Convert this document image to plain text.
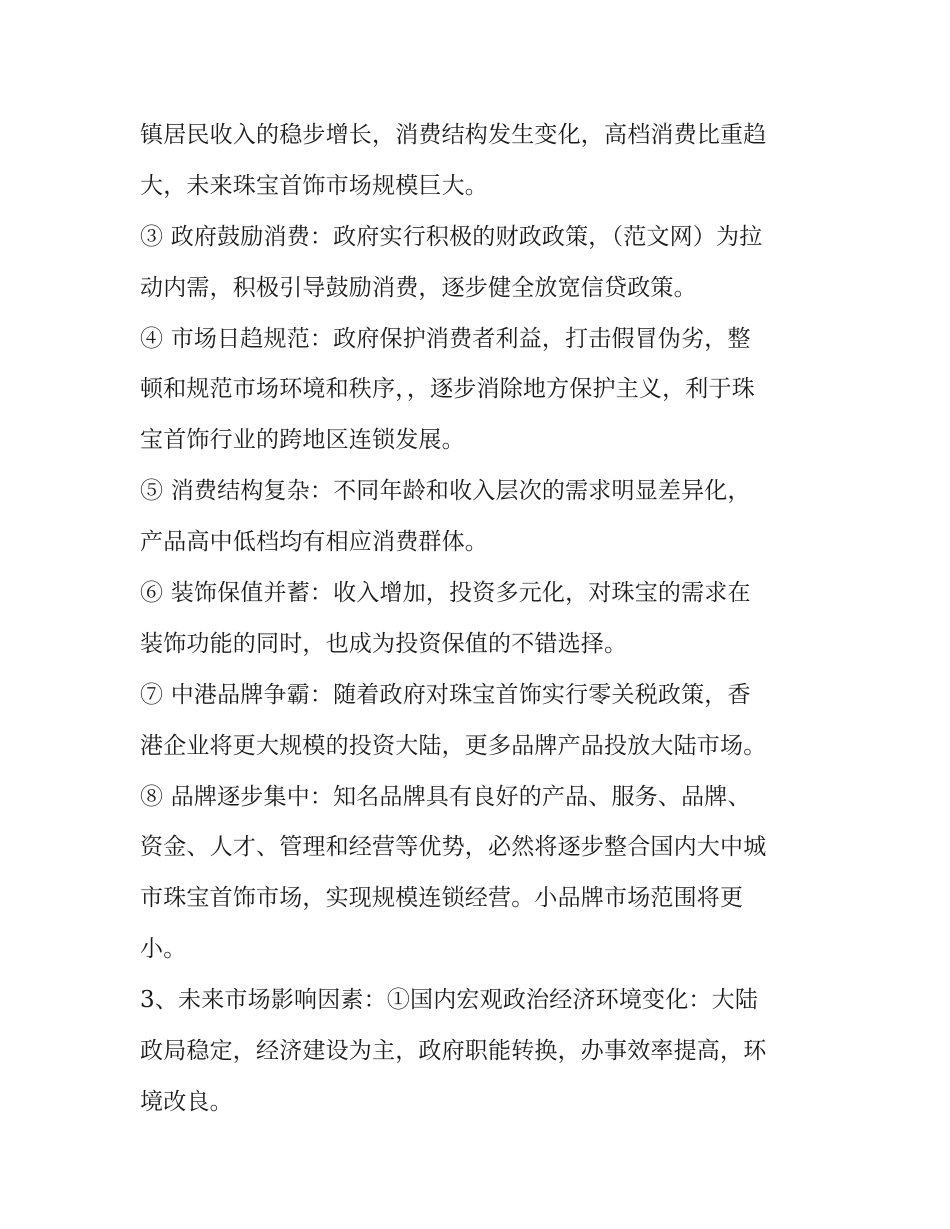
镇居民收入的稳步增长，消费结构发生变化，高档消费比重趋
大，未来珠宝首饰市场规模巨大。
③ 政府鼓励消费：政府实行积极的财政政策，（范文网）为拉
动内需，积极引导鼓励消费，逐步健全放宽信贷政策。
④ 市场日趋规范：政府保护消费者利益，打击假冒伪劣，整
顿和规范市场环境和秩序，，逐步消除地方保护主义，利于珠
宝首饰行业的跨地区连锁发展。
⑤ 消费结构复杂：不同年龄和收入层次的需求明显差异化，
产品高中低档均有相应消费群体。
⑥ 装饰保值并蓄：收入增加，投资多元化，对珠宝的需求在
装饰功能的同时，也成为投资保值的不错选择。
⑦ 中港品牌争霸：随着政府对珠宝首饰实行零关税政策，香
港企业将更大规模的投资大陆，更多品牌产品投放大陆市场。
⑧ 品牌逐步集中：知名品牌具有良好的产品、服务、品牌、
资金、人才、管理和经营等优势，必然将逐步整合国内大中城
市珠宝首饰市场，实现规模连锁经营。小品牌市场范围将更
小。
3、未来市场影响因素：①国内宏观政治经济环境变化：大陆
政局稳定，经济建设为主，政府职能转换，办事效率提高，环
境改良。
